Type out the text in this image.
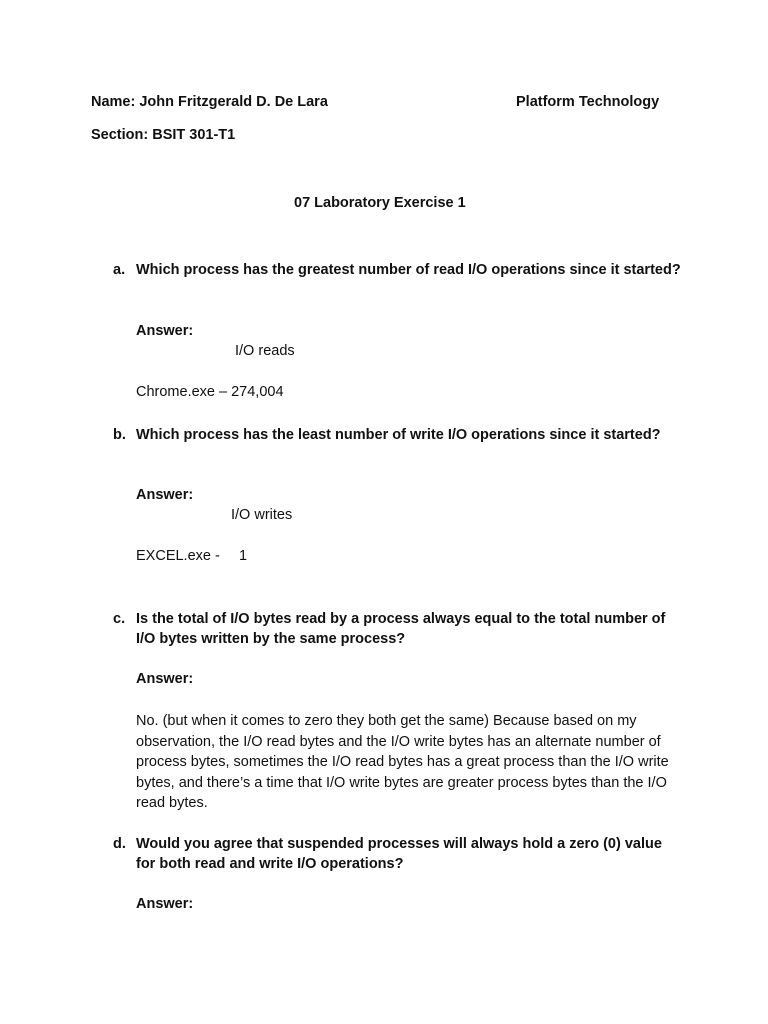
Name: John Fritzgerald D. De Lara	Platform Technology
Section: BSIT 301-T1
07 Laboratory Exercise 1
a. Which process has the greatest number of read I/O operations since it started?
Answer:
I/O reads
Chrome.exe – 274,004
b. Which process has the least number of write I/O operations since it started?
Answer:
I/O writes
EXCEL.exe - 1
c. Is the total of I/O bytes read by a process always equal to the total number of I/O bytes written by the same process?
Answer:
No. (but when it comes to zero they both get the same) Because based on my observation, the I/O read bytes and the I/O write bytes has an alternate number of process bytes, sometimes the I/O read bytes has a great process than the I/O write bytes, and there’s a time that I/O write bytes are greater process bytes than the I/O read bytes.
d. Would you agree that suspended processes will always hold a zero (0) value for both read and write I/O operations?
Answer:
